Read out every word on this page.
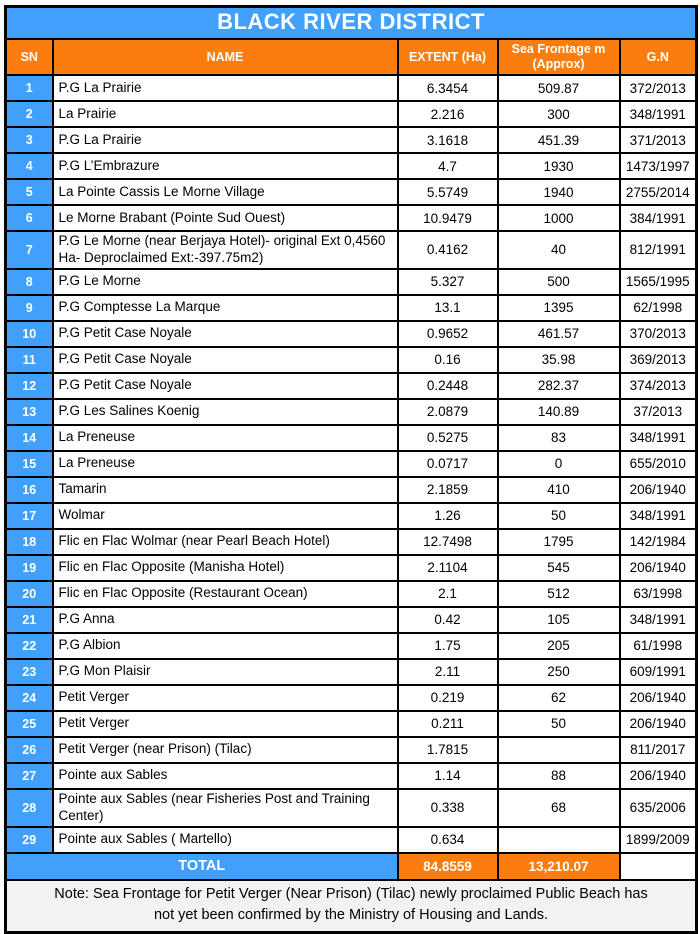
BLACK RIVER DISTRICT				
SN	NAME	EXTENT (Ha)	Sea Frontage m (Approx)	G.N
1	P.G La Prairie	6.3454	509.87	372/2013
2	La Prairie	2.216	300	348/1991
3	P.G La Prairie	3.1618	451.39	371/2013
4	P.G L’Embrazure	4.7	1930	1473/1997
5	La Pointe Cassis Le Morne Village	5.5749	1940	2755/2014
6	Le Morne Brabant (Pointe Sud Ouest)	10.9479	1000	384/1991
7	P.G Le Morne (near Berjaya Hotel)- original Ext 0,4560 Ha- Deproclaimed Ext:-397.75m2)	0.4162	40	812/1991
8	P.G Le Morne	5.327	500	1565/1995
9	P.G Comptesse La Marque	13.1	1395	62/1998
10	P.G Petit Case Noyale	0.9652	461.57	370/2013
11	P.G Petit Case Noyale	0.16	35.98	369/2013
12	P.G Petit Case Noyale	0.2448	282.37	374/2013
13	P.G Les Salines Koenig	2.0879	140.89	37/2013
14	La Preneuse	0.5275	83	348/1991
15	La Preneuse	0.0717	0	655/2010
16	Tamarin	2.1859	410	206/1940
17	Wolmar	1.26	50	348/1991
18	Flic en Flac Wolmar (near Pearl Beach Hotel)	12.7498	1795	142/1984
19	Flic en Flac Opposite (Manisha Hotel)	2.1104	545	206/1940
20	Flic en Flac Opposite (Restaurant Ocean)	2.1	512	63/1998
21	P.G Anna	0.42	105	348/1991
22	P.G Albion	1.75	205	61/1998
23	P.G Mon Plaisir	2.11	250	609/1991
24	Petit Verger	0.219	62	206/1940
25	Petit Verger	0.211	50	206/1940
26	Petit Verger (near Prison) (Tilac)	1.7815		811/2017
27	Pointe aux Sables	1.14	88	206/1940
28	Pointe aux Sables (near Fisheries Post and Training Center)	0.338	68	635/2006
29	Pointe aux Sables ( Martello)	0.634		1899/2009
TOTAL		84.8559	13,210.07	
Note: Sea Frontage for Petit Verger (Near Prison) (Tilac) newly proclaimed Public Beach has not yet been confirmed by the Ministry of Housing and Lands.				
